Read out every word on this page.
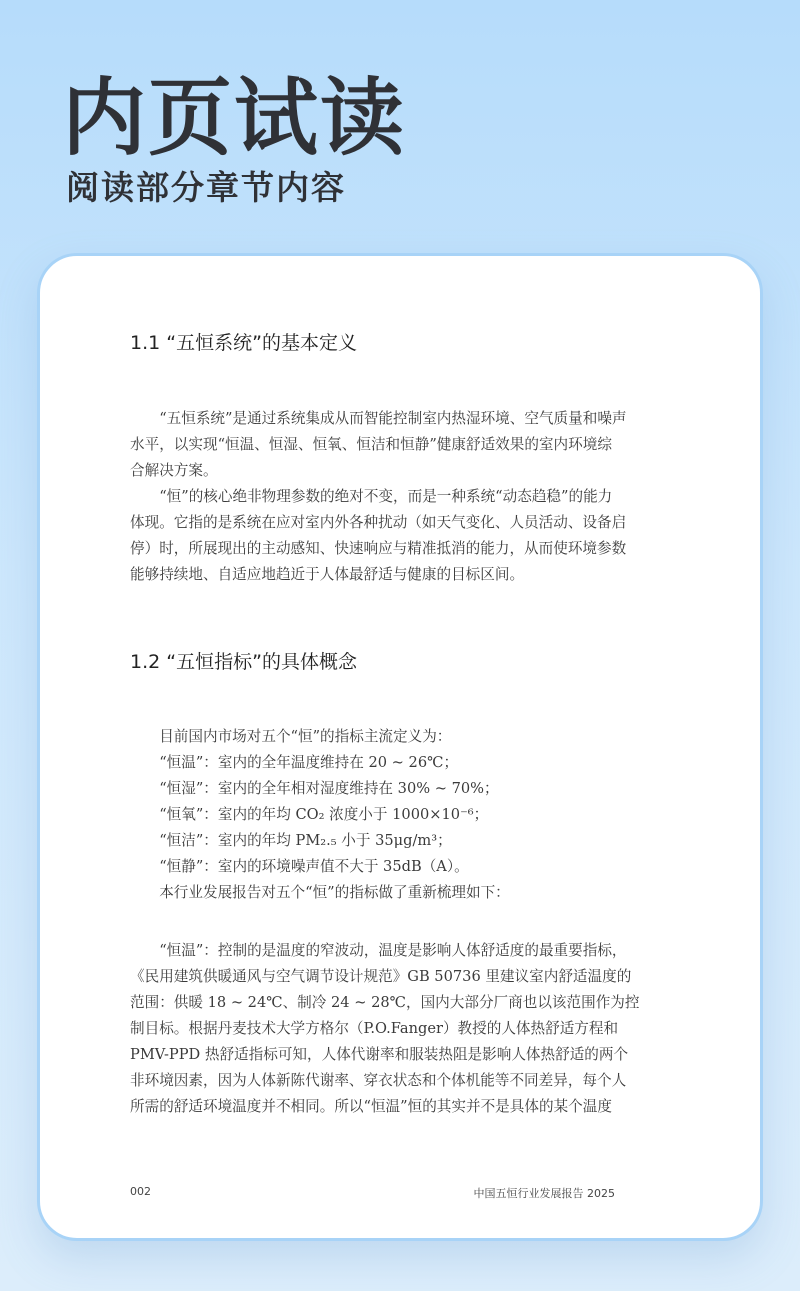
内页试读
阅读部分章节内容
1.1 “五恒系统”的基本定义

“五恒系统”是通过系统集成从而智能控制室内热湿环境、空气质量和噪声
水平，以实现“恒温、恒湿、恒氧、恒洁和恒静”健康舒适效果的室内环境综
合解决方案。

“恒”的核心绝非物理参数的绝对不变，而是一种系统“动态趋稳”的能力
体现。它指的是系统在应对室内外各种扰动（如天气变化、人员活动、设备启
停）时，所展现出的主动感知、快速响应与精准抵消的能力，从而使环境参数
能够持续地、自适应地趋近于人体最舒适与健康的目标区间。

1.2 “五恒指标”的具体概念

目前国内市场对五个“恒”的指标主流定义为：
“恒温”：室内的全年温度维持在 20 ~ 26℃；
“恒湿”：室内的全年相对湿度维持在 30% ~ 70%；
“恒氧”：室内的年均 CO₂ 浓度小于 1000×10⁻⁶；
“恒洁”：室内的年均 PM₂.₅ 小于 35μg/m³；
“恒静”：室内的环境噪声值不大于 35dB（A）。
本行业发展报告对五个“恒”的指标做了重新梳理如下：

“恒温”：控制的是温度的窄波动，温度是影响人体舒适度的最重要指标，
《民用建筑供暖通风与空气调节设计规范》GB 50736 里建议室内舒适温度的
范围：供暖 18 ~ 24℃、制冷 24 ~ 28℃，国内大部分厂商也以该范围作为控
制目标。根据丹麦技术大学方格尔（P.O.Fanger）教授的人体热舒适方程和
PMV-PPD 热舒适指标可知，人体代谢率和服装热阻是影响人体热舒适的两个
非环境因素，因为人体新陈代谢率、穿衣状态和个体机能等不同差异，每个人
所需的舒适环境温度并不相同。所以“恒温”恒的其实并不是具体的某个温度

002	中国五恒行业发展报告 2025
